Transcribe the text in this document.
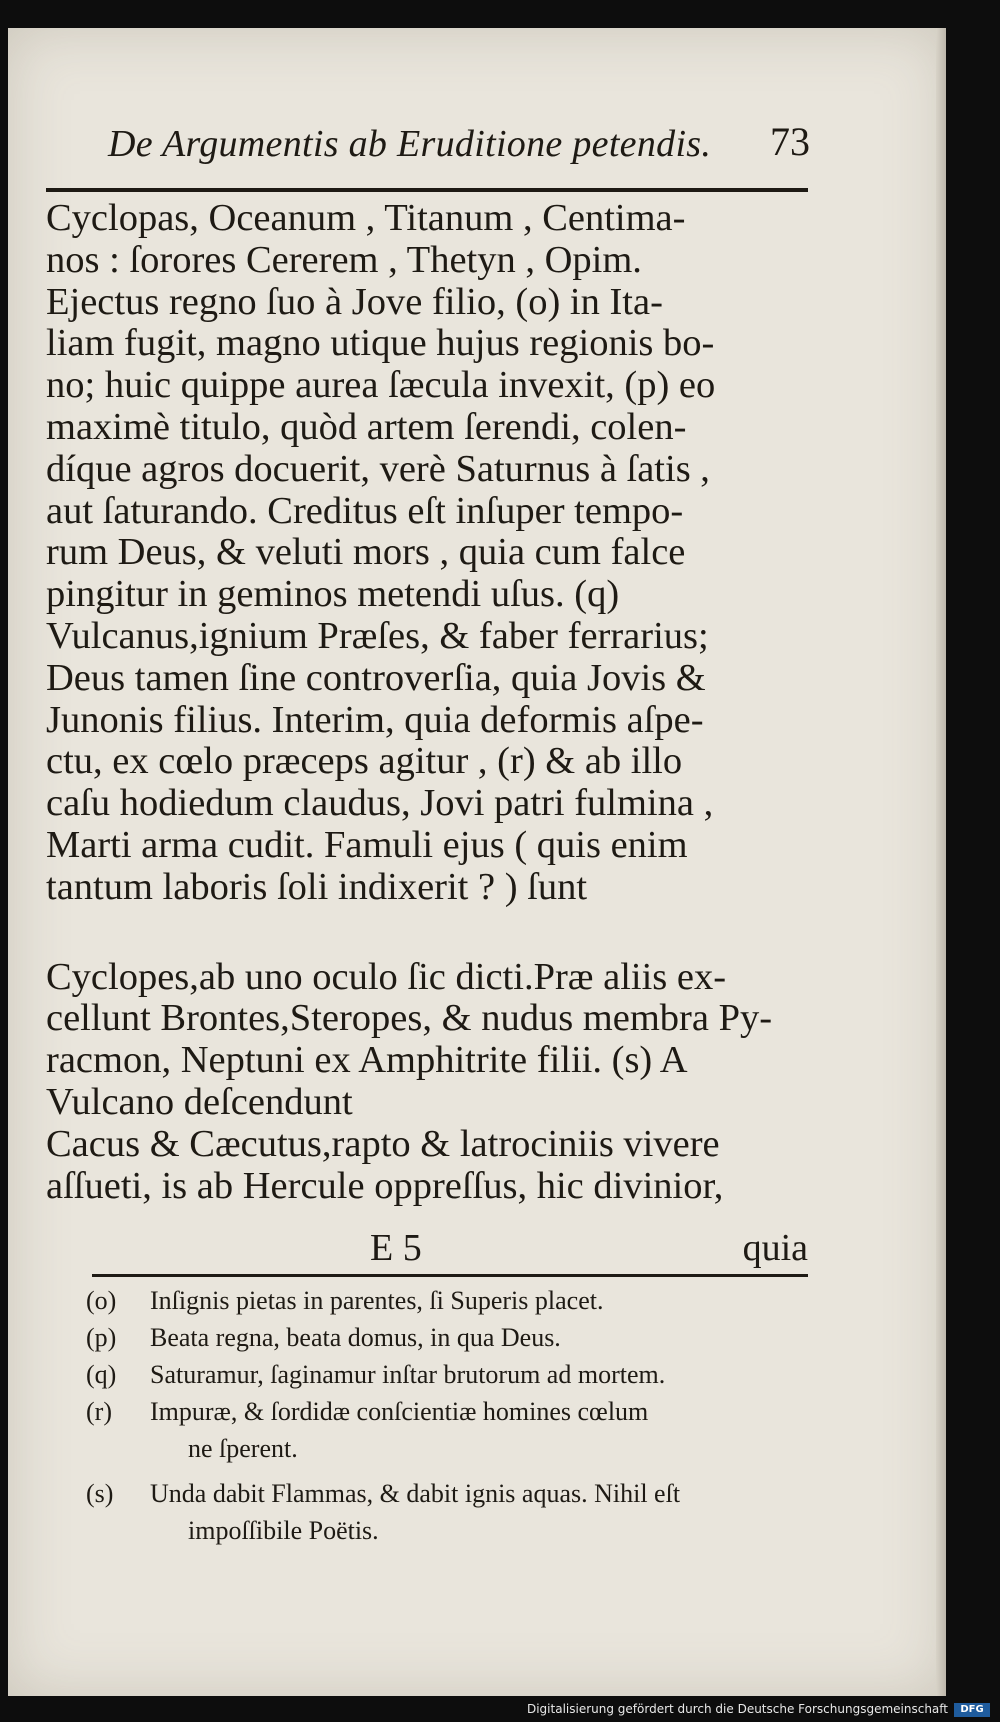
De Argumentis ab Eruditione petendis. 73
Cyclopas, Oceanum , Titanum , Centima-
nos : ſorores Cererem , Thetyn , Opim.
Ejectus regno ſuo à Jove filio, (o) in Ita-
liam fugit, magno utique hujus regionis bo-
no; huic quippe aurea ſæcula invexit, (p) eo
maximè titulo, quòd artem ſerendi, colen-
díque agros docuerit, verè Saturnus à ſatis ,
aut ſaturando. Creditus eſt inſuper tempo-
rum Deus, & veluti mors , quia cum falce
pingitur in geminos metendi uſus. (q)
Vulcanus,ignium Præſes, & faber ferrarius;
Deus tamen ſine controverſia, quia Jovis &
Junonis filius. Interim, quia deformis aſpe-
ctu, ex cœlo præceps agitur , (r) & ab illo
caſu hodiedum claudus, Jovi patri fulmina ,
Marti arma cudit. Famuli ejus ( quis enim
tantum laboris ſoli indixerit ? ) ſunt
Cyclopes,ab uno oculo ſic dicti.Præ aliis ex-
cellunt Brontes,Steropes, & nudus membra Py-
racmon, Neptuni ex Amphitrite filii. (s) A
Vulcano deſcendunt
Cacus & Cæcutus,rapto & latrociniis vivere
aſſueti, is ab Hercule oppreſſus, hic divinior,
E 5	quia
(o)	Inſignis pietas in parentes, ſi Superis placet.
(p)	Beata regna, beata domus, in qua Deus.
(q)	Saturamur, ſaginamur inſtar brutorum ad mortem.
(r)	Impuræ, & ſordidæ conſcientiæ homines cœlum
ne ſperent.
(s)	Unda dabit Flammas, & dabit ignis aquas. Nihil eſt
impoſſibile Poëtis.
Digitalisierung gefördert durch die Deutsche Forschungsgemeinschaft	DFG
